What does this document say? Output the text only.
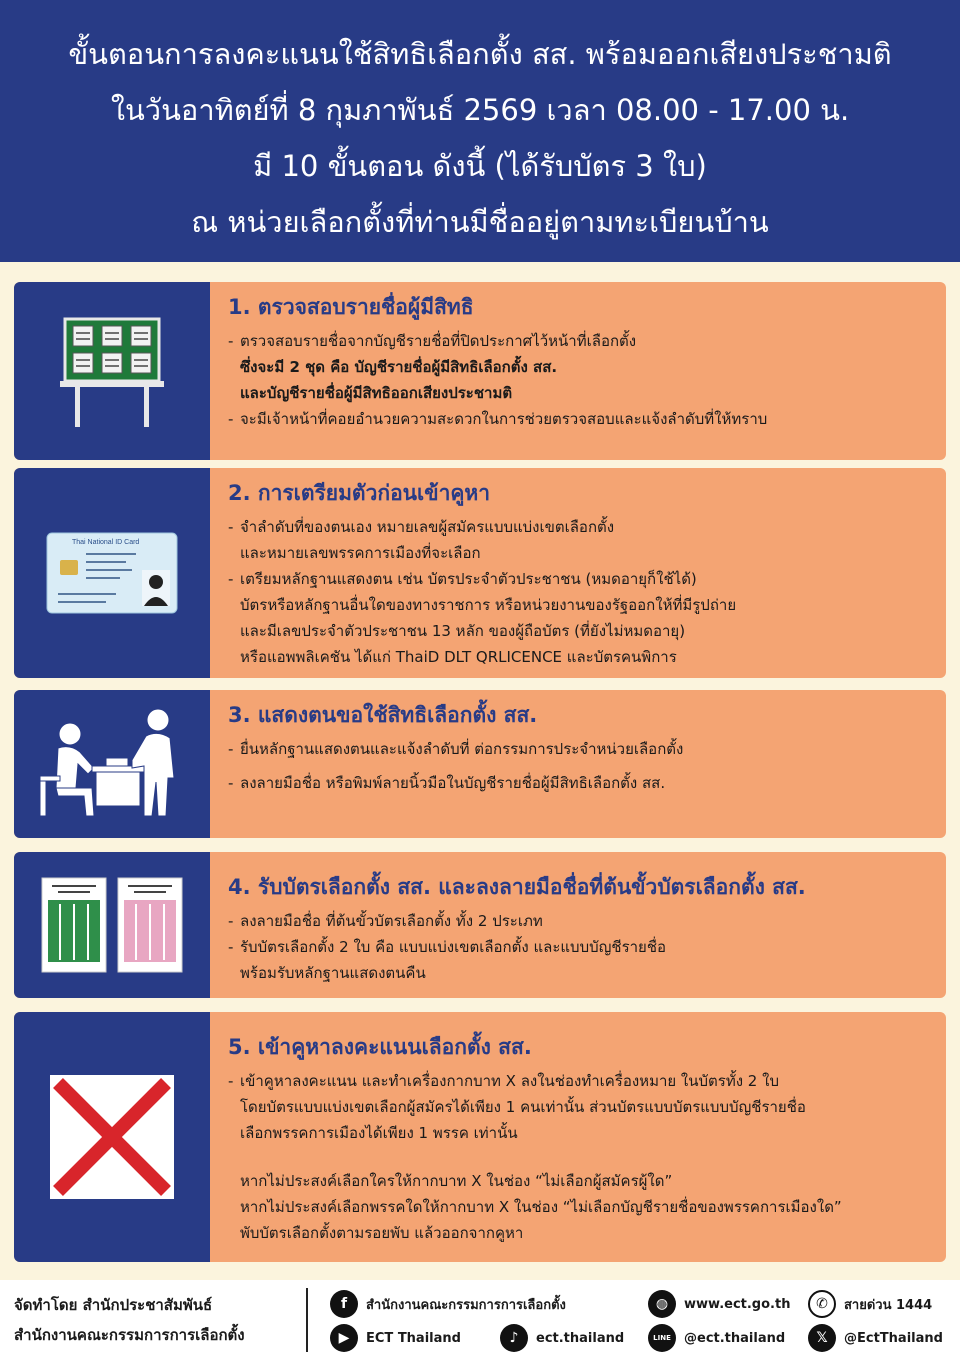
ขั้นตอนการลงคะแนนใช้สิทธิเลือกตั้ง สส. พร้อมออกเสียงประชามติ
ในวันอาทิตย์ที่ 8 กุมภาพันธ์ 2569 เวลา 08.00 - 17.00 น.
มี 10 ขั้นตอน ดังนี้ (ได้รับบัตร 3 ใบ)
ณ หน่วยเลือกตั้งที่ท่านมีชื่ออยู่ตามทะเบียนบ้าน
1. ตรวจสอบรายชื่อผู้มีสิทธิ
- ตรวจสอบรายชื่อจากบัญชีรายชื่อที่ปิดประกาศไว้หน้าที่เลือกตั้ง
ซึ่งจะมี 2 ชุด คือ บัญชีรายชื่อผู้มีสิทธิเลือกตั้ง สส.
และบัญชีรายชื่อผู้มีสิทธิออกเสียงประชามติ
- จะมีเจ้าหน้าที่คอยอำนวยความสะดวกในการช่วยตรวจสอบและแจ้งลำดับที่ให้ทราบ
Thai National ID Card
2. การเตรียมตัวก่อนเข้าคูหา
- จำลำดับที่ของตนเอง หมายเลขผู้สมัครแบบแบ่งเขตเลือกตั้ง
และหมายเลขพรรคการเมืองที่จะเลือก
- เตรียมหลักฐานแสดงตน เช่น บัตรประจำตัวประชาชน (หมดอายุก็ใช้ได้)
บัตรหรือหลักฐานอื่นใดของทางราชการ หรือหน่วยงานของรัฐออกให้ที่มีรูปถ่าย
และมีเลขประจำตัวประชาชน 13 หลัก ของผู้ถือบัตร (ที่ยังไม่หมดอายุ)
หรือแอพพลิเคชัน ได้แก่ ThaiD DLT QRLICENCE และบัตรคนพิการ
3. แสดงตนขอใช้สิทธิเลือกตั้ง สส.
- ยื่นหลักฐานแสดงตนและแจ้งลำดับที่ ต่อกรรมการประจำหน่วยเลือกตั้ง
- ลงลายมือชื่อ หรือพิมพ์ลายนิ้วมือในบัญชีรายชื่อผู้มีสิทธิเลือกตั้ง สส.
4. รับบัตรเลือกตั้ง สส. และลงลายมือชื่อที่ต้นขั้วบัตรเลือกตั้ง สส.
- ลงลายมือชื่อ ที่ต้นขั้วบัตรเลือกตั้ง ทั้ง 2 ประเภท
- รับบัตรเลือกตั้ง 2 ใบ คือ แบบแบ่งเขตเลือกตั้ง และแบบบัญชีรายชื่อ
พร้อมรับหลักฐานแสดงตนคืน
5. เข้าคูหาลงคะแนนเลือกตั้ง สส.
- เข้าคูหาลงคะแนน และทำเครื่องกากบาท X ลงในช่องทำเครื่องหมาย ในบัตรทั้ง 2 ใบ
โดยบัตรแบบแบ่งเขตเลือกผู้สมัครได้เพียง 1 คนเท่านั้น ส่วนบัตรแบบบัตรแบบบัญชีรายชื่อ
เลือกพรรคการเมืองได้เพียง 1 พรรค เท่านั้น
หากไม่ประสงค์เลือกใครให้กากบาท X ในช่อง “ไม่เลือกผู้สมัครผู้ใด”
หากไม่ประสงค์เลือกพรรคใดให้กากบาท X ในช่อง “ไม่เลือกบัญชีรายชื่อของพรรคการเมืองใด”
พับบัตรเลือกตั้งตามรอยพับ แล้วออกจากคูหา
จัดทำโดย สำนักประชาสัมพันธ์
สำนักงานคณะกรรมการการเลือกตั้ง
f	สำนักงานคณะกรรมการการเลือกตั้ง	◍	www.ect.go.th	✆	สายด่วน 1444
▶	ECT Thailand	♪	ect.thailand	LINE	@ect.thailand	𝕏	@EctThailand
